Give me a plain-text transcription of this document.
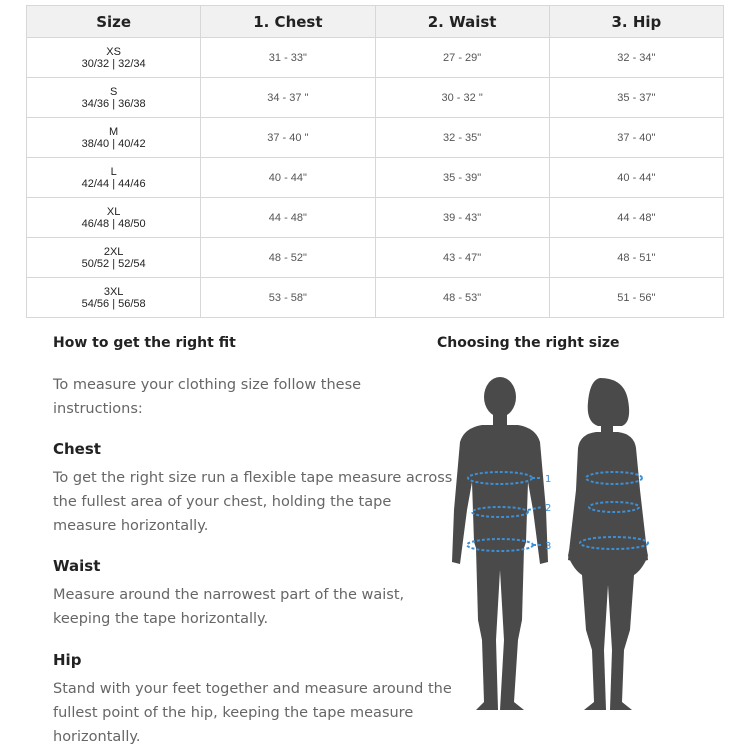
Size	1. Chest	2. Waist	3. Hip

XS
30/32 | 32/34	31 - 33"	27 - 29"	32 - 34"

S
34/36 | 36/38	34 - 37 "	30 - 32 "	35 - 37"

M
38/40 | 40/42	37 - 40 "	32 - 35"	37 - 40"

L
42/44 | 44/46	40 - 44"	35 - 39"	40 - 44"

XL
46/48 | 48/50	44 - 48"	39 - 43"	44 - 48"

2XL
50/52 | 52/54	48 - 52"	43 - 47"	48 - 51"

3XL
54/56 | 56/58	53 - 58"	48 - 53"	51 - 56"
How to get the right fit

To measure your clothing size follow these instructions:

Chest

To get the right size run a flexible tape measure across the fullest area of your chest, holding the tape measure horizontally.

Waist

Measure around the narrowest part of the waist, keeping the tape horizontally.

Hip

Stand with your feet together and measure around the fullest point of the hip, keeping the tape measure horizontally.

Choosing the right size
1
2
3
